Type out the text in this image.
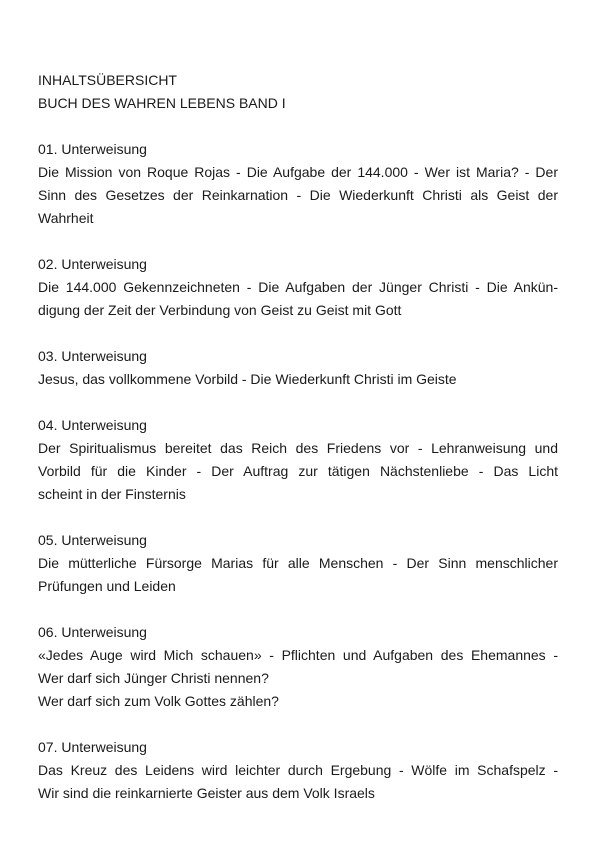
INHALTSÜBERSICHT

BUCH DES WAHREN LEBENS BAND I

01. Unterweisung

Die Mission von Roque Rojas - Die Aufgabe der 144.000 - Wer ist Maria? - Der
Sinn des Gesetzes der Reinkarnation - Die Wiederkunft Christi als Geist der
Wahrheit

02. Unterweisung

Die 144.000 Gekennzeichneten - Die Aufgaben der Jünger Christi - Die Ankün-
digung der Zeit der Verbindung von Geist zu Geist mit Gott

03. Unterweisung

Jesus, das vollkommene Vorbild - Die Wiederkunft Christi im Geiste

04. Unterweisung

Der Spiritualismus bereitet das Reich des Friedens vor - Lehranweisung und
Vorbild für die Kinder - Der Auftrag zur tätigen Nächstenliebe - Das Licht
scheint in der Finsternis

05. Unterweisung

Die mütterliche Fürsorge Marias für alle Menschen - Der Sinn menschlicher
Prüfungen und Leiden

06. Unterweisung

«Jedes Auge wird Mich schauen» - Pflichten und Aufgaben des Ehemannes -
Wer darf sich Jünger Christi nennen?
Wer darf sich zum Volk Gottes zählen?

07. Unterweisung

Das Kreuz des Leidens wird leichter durch Ergebung - Wölfe im Schafspelz -
Wir sind die reinkarnierte Geister aus dem Volk Israels
